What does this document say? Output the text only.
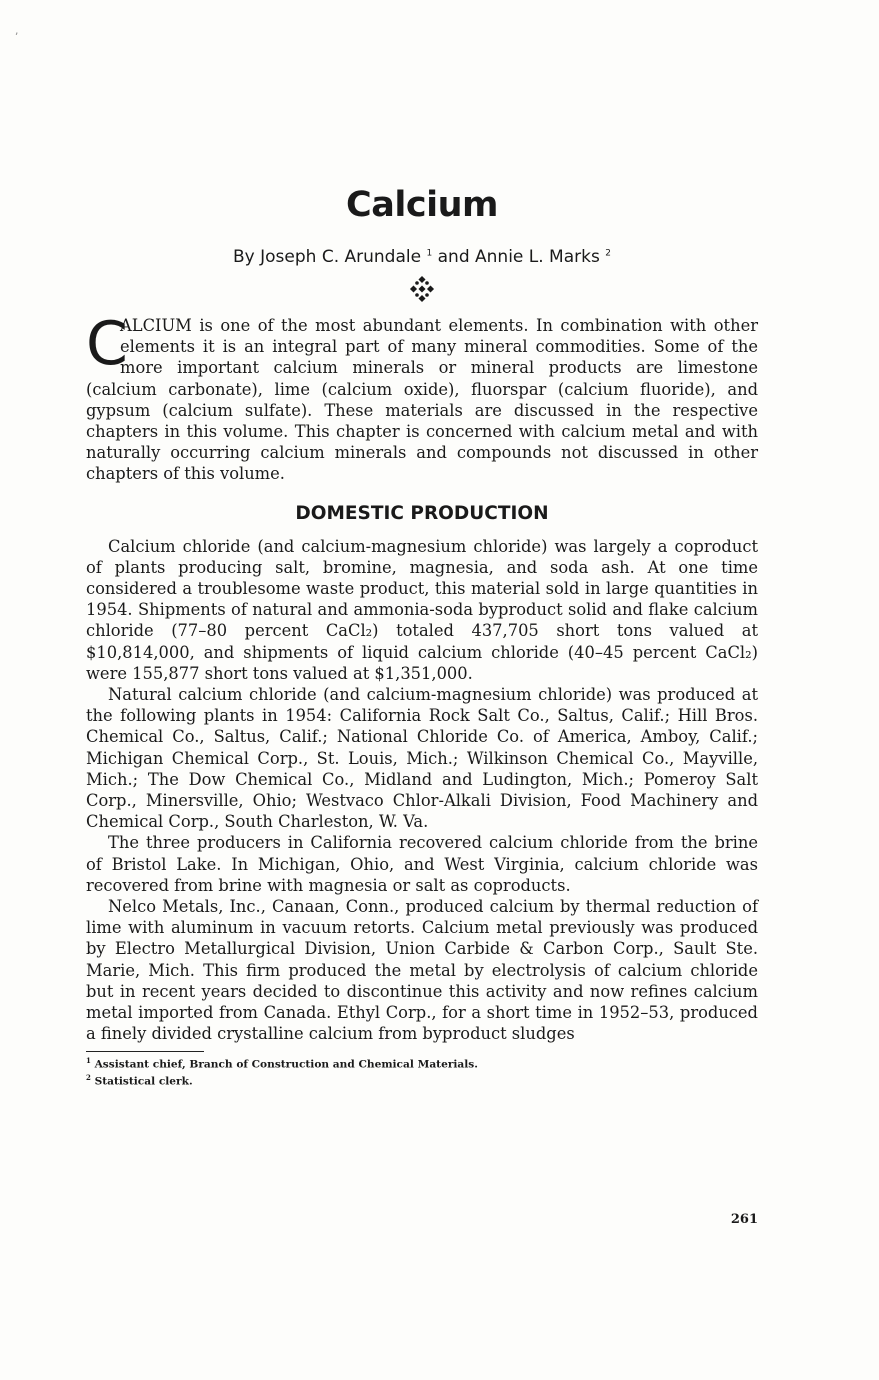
’
Calcium
By Joseph C. Arundale $^1$ and Annie L. Marks $^2$
C
ALCIUM is one of the most abundant elements. In combination with other elements it is an integral part of many mineral commodities. Some of the more important calcium minerals or mineral products are limestone (calcium carbonate), lime (calcium oxide), fluorspar (calcium fluoride), and gypsum (calcium sulfate). These materials are discussed in the respective chapters in this volume. This chapter is concerned with calcium metal and with naturally occurring calcium minerals and compounds not discussed in other chapters of this volume.
DOMESTIC PRODUCTION

Calcium chloride (and calcium-magnesium chloride) was largely a coproduct of plants producing salt, bromine, magnesia, and soda ash. At one time considered a troublesome waste product, this material sold in large quantities in 1954. Shipments of natural and ammonia-soda byproduct solid and flake calcium chloride (77–80 percent CaCl₂) totaled 437,705 short tons valued at $10,814,000, and shipments of liquid calcium chloride (40–45 percent CaCl₂) were 155,877 short tons valued at $1,351,000.

Natural calcium chloride (and calcium-magnesium chloride) was produced at the following plants in 1954: California Rock Salt Co., Saltus, Calif.; Hill Bros. Chemical Co., Saltus, Calif.; National Chloride Co. of America, Amboy, Calif.; Michigan Chemical Corp., St. Louis, Mich.; Wilkinson Chemical Co., Mayville, Mich.; The Dow Chemical Co., Midland and Ludington, Mich.; Pomeroy Salt Corp., Minersville, Ohio; Westvaco Chlor-Alkali Division, Food Machinery and Chemical Corp., South Charleston, W. Va.

The three producers in California recovered calcium chloride from the brine of Bristol Lake. In Michigan, Ohio, and West Virginia, calcium chloride was recovered from brine with magnesia or salt as coproducts.

Nelco Metals, Inc., Canaan, Conn., produced calcium by thermal reduction of lime with aluminum in vacuum retorts. Calcium metal previously was produced by Electro Metallurgical Division, Union Carbide & Carbon Corp., Sault Ste. Marie, Mich. This firm produced the metal by electrolysis of calcium chloride but in recent years decided to discontinue this activity and now refines calcium metal imported from Canada. Ethyl Corp., for a short time in 1952–53, produced a finely divided crystalline calcium from byproduct sludges

$^1$ Assistant chief, Branch of Construction and Chemical Materials.
$^2$ Statistical clerk.
261
